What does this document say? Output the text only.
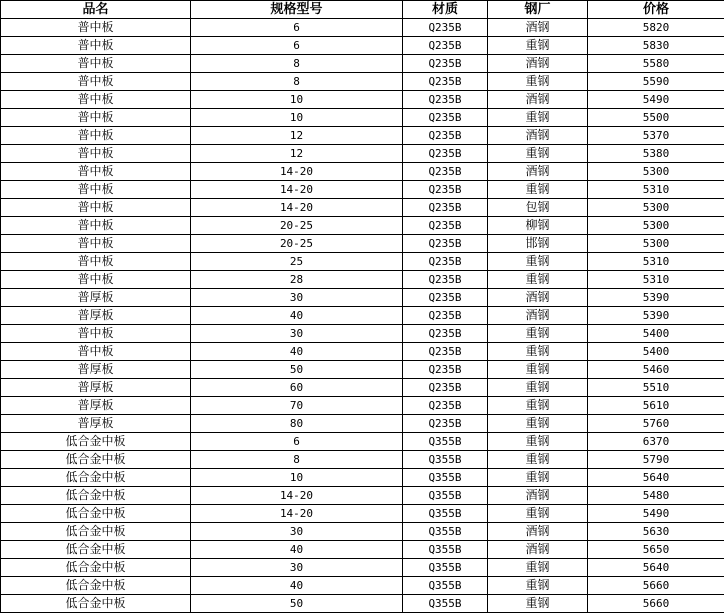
品名	规格型号	材质	钢厂	价格
普中板	6	Q235B	酒钢	5820
普中板	6	Q235B	重钢	5830
普中板	8	Q235B	酒钢	5580
普中板	8	Q235B	重钢	5590
普中板	10	Q235B	酒钢	5490
普中板	10	Q235B	重钢	5500
普中板	12	Q235B	酒钢	5370
普中板	12	Q235B	重钢	5380
普中板	14-20	Q235B	酒钢	5300
普中板	14-20	Q235B	重钢	5310
普中板	14-20	Q235B	包钢	5300
普中板	20-25	Q235B	柳钢	5300
普中板	20-25	Q235B	邯钢	5300
普中板	25	Q235B	重钢	5310
普中板	28	Q235B	重钢	5310
普厚板	30	Q235B	酒钢	5390
普厚板	40	Q235B	酒钢	5390
普中板	30	Q235B	重钢	5400
普中板	40	Q235B	重钢	5400
普厚板	50	Q235B	重钢	5460
普厚板	60	Q235B	重钢	5510
普厚板	70	Q235B	重钢	5610
普厚板	80	Q235B	重钢	5760
低合金中板	6	Q355B	重钢	6370
低合金中板	8	Q355B	重钢	5790
低合金中板	10	Q355B	重钢	5640
低合金中板	14-20	Q355B	酒钢	5480
低合金中板	14-20	Q355B	重钢	5490
低合金中板	30	Q355B	酒钢	5630
低合金中板	40	Q355B	酒钢	5650
低合金中板	30	Q355B	重钢	5640
低合金中板	40	Q355B	重钢	5660
低合金中板	50	Q355B	重钢	5660
